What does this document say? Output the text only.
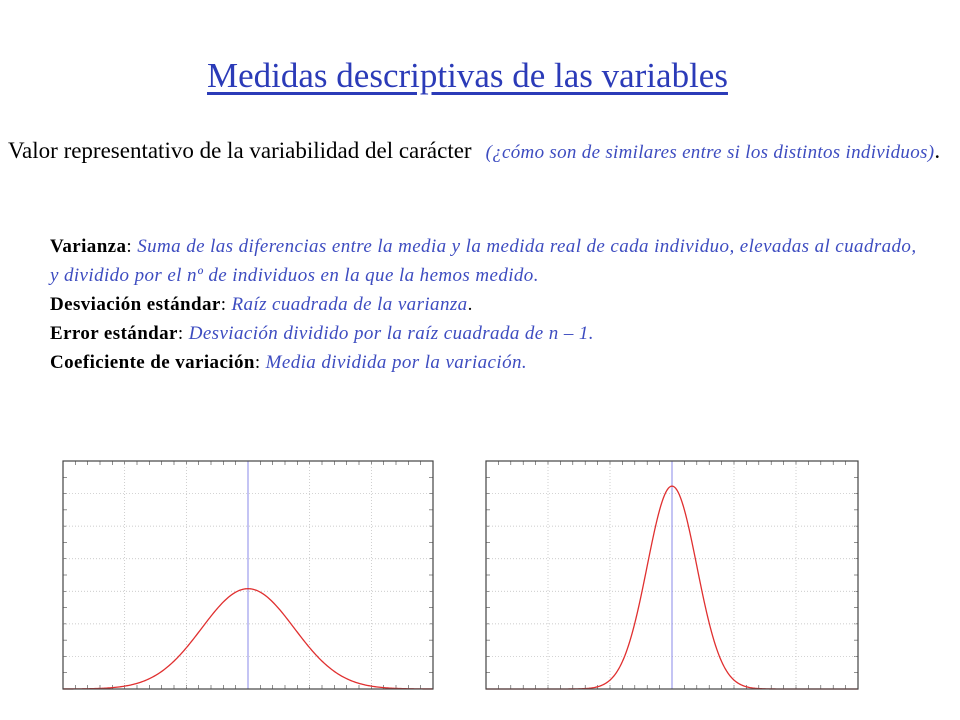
Medidas descriptivas de las variables
Valor representativo de la variabilidad del carácter (¿cómo son de similares entre si los distintos individuos).

Varianza: Suma de las diferencias entre la media y la medida real de cada individuo, elevadas al cuadrado, y dividido por el nº de individuos en la que la hemos medido.

Desviación estándar: Raíz cuadrada de la varianza.

Error estándar: Desviación dividido por la raíz cuadrada de n – 1.

Coeficiente de variación: Media dividida por la variación.
